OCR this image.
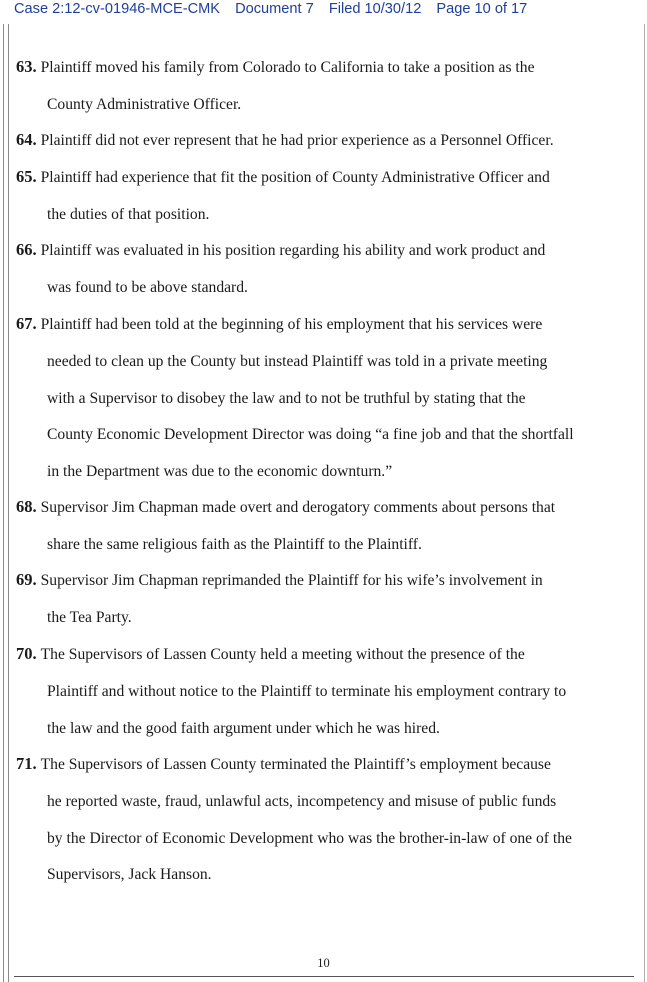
Case 2:12-cv-01946-MCE-CMK Document 7 Filed 10/30/12 Page 10 of 17
63. Plaintiff moved his family from Colorado to California to take a position as the
County Administrative Officer.
64. Plaintiff did not ever represent that he had prior experience as a Personnel Officer.
65. Plaintiff had experience that fit the position of County Administrative Officer and
the duties of that position.
66. Plaintiff was evaluated in his position regarding his ability and work product and
was found to be above standard.
67. Plaintiff had been told at the beginning of his employment that his services were
needed to clean up the County but instead Plaintiff was told in a private meeting
with a Supervisor to disobey the law and to not be truthful by stating that the
County Economic Development Director was doing “a fine job and that the shortfall
in the Department was due to the economic downturn.”
68. Supervisor Jim Chapman made overt and derogatory comments about persons that
share the same religious faith as the Plaintiff to the Plaintiff.
69. Supervisor Jim Chapman reprimanded the Plaintiff for his wife’s involvement in
the Tea Party.
70. The Supervisors of Lassen County held a meeting without the presence of the
Plaintiff and without notice to the Plaintiff to terminate his employment contrary to
the law and the good faith argument under which he was hired.
71. The Supervisors of Lassen County terminated the Plaintiff’s employment because
he reported waste, fraud, unlawful acts, incompetency and misuse of public funds
by the Director of Economic Development who was the brother-in-law of one of the
Supervisors, Jack Hanson.
10
